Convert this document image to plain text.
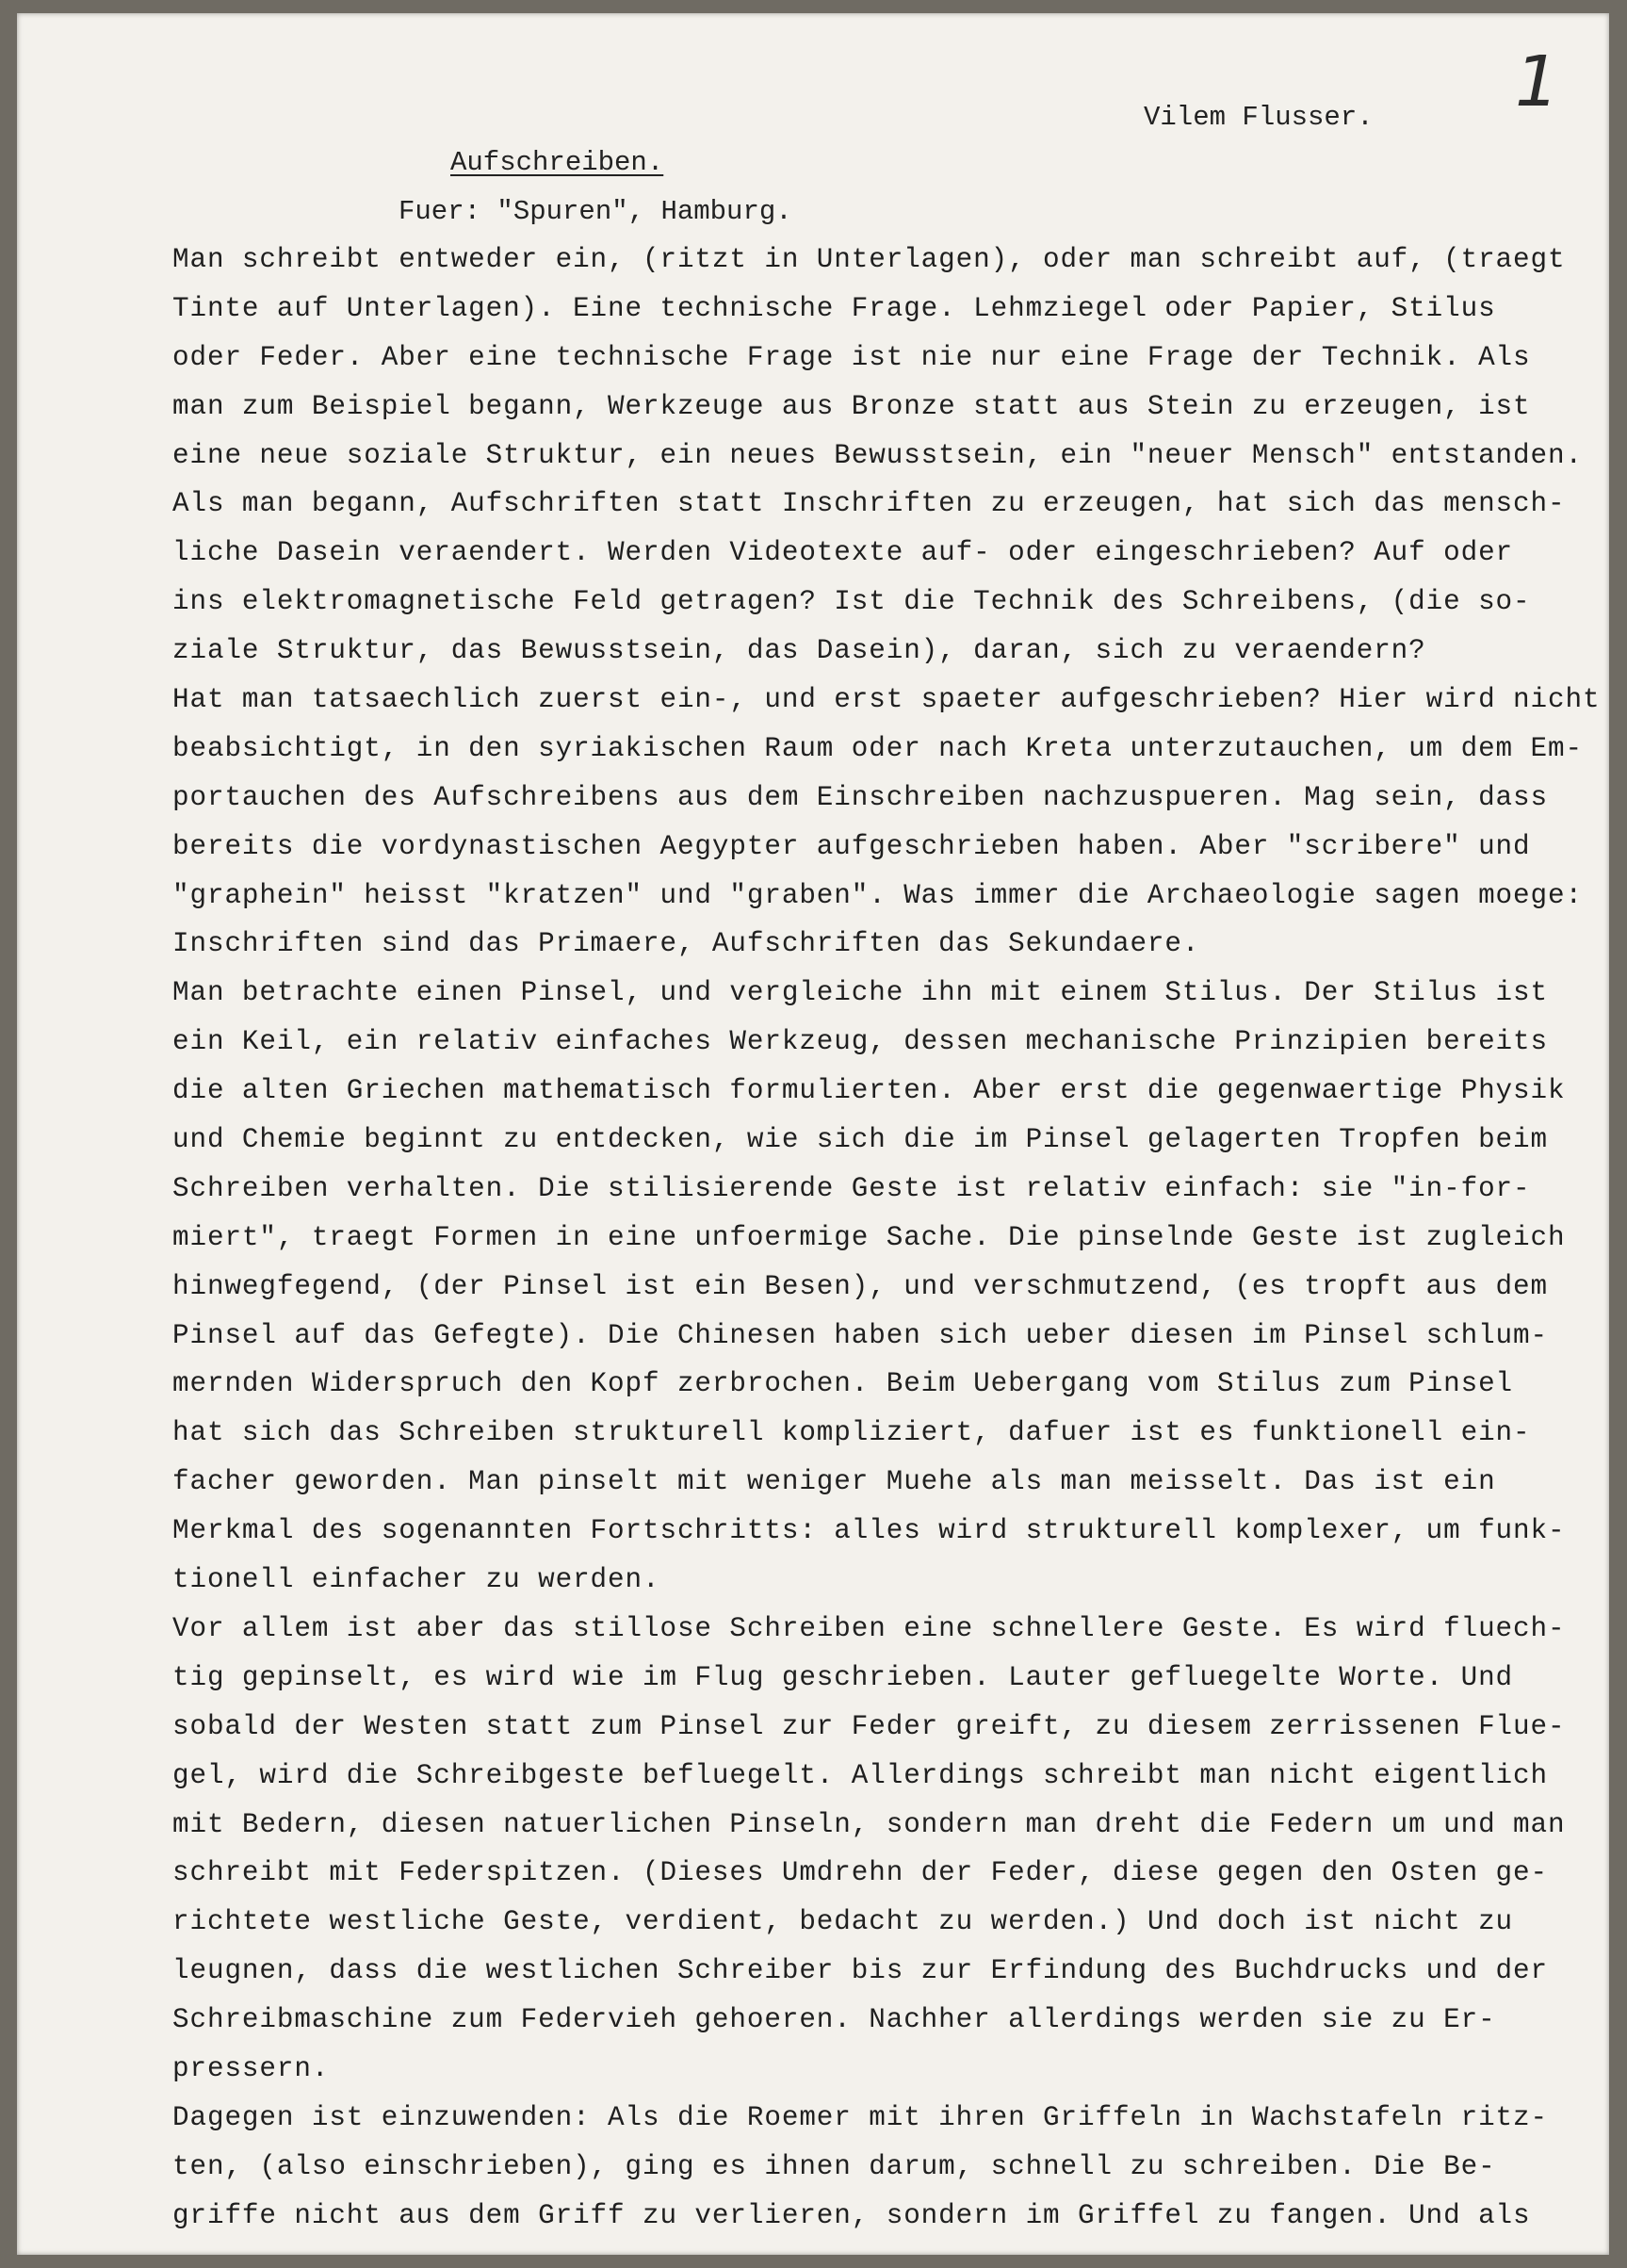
1
Vilem Flusser.
Aufschreiben.
Fuer: "Spuren", Hamburg.
Man schreibt entweder ein, (ritzt in Unterlagen), oder man schreibt auf, (traegt
Tinte auf Unterlagen). Eine technische Frage. Lehmziegel oder Papier, Stilus
oder Feder. Aber eine technische Frage ist nie nur eine Frage der Technik. Als
man zum Beispiel begann, Werkzeuge aus Bronze statt aus Stein zu erzeugen, ist
eine neue soziale Struktur, ein neues Bewusstsein, ein "neuer Mensch" entstanden.
Als man begann, Aufschriften statt Inschriften zu erzeugen, hat sich das mensch-
liche Dasein veraendert. Werden Videotexte auf- oder eingeschrieben? Auf oder
ins elektromagnetische Feld getragen? Ist die Technik des Schreibens, (die so-
ziale Struktur, das Bewusstsein, das Dasein), daran, sich zu veraendern?
Hat man tatsaechlich zuerst ein-, und erst spaeter aufgeschrieben? Hier wird nicht
beabsichtigt, in den syriakischen Raum oder nach Kreta unterzutauchen, um dem Em-
portauchen des Aufschreibens aus dem Einschreiben nachzuspueren. Mag sein, dass
bereits die vordynastischen Aegypter aufgeschrieben haben. Aber "scribere" und
"graphein" heisst "kratzen" und "graben". Was immer die Archaeologie sagen moege:
Inschriften sind das Primaere, Aufschriften das Sekundaere.
Man betrachte einen Pinsel, und vergleiche ihn mit einem Stilus. Der Stilus ist
ein Keil, ein relativ einfaches Werkzeug, dessen mechanische Prinzipien bereits
die alten Griechen mathematisch formulierten. Aber erst die gegenwaertige Physik
und Chemie beginnt zu entdecken, wie sich die im Pinsel gelagerten Tropfen beim
Schreiben verhalten. Die stilisierende Geste ist relativ einfach: sie "in-for-
miert", traegt Formen in eine unfoermige Sache. Die pinselnde Geste ist zugleich
hinwegfegend, (der Pinsel ist ein Besen), und verschmutzend, (es tropft aus dem
Pinsel auf das Gefegte). Die Chinesen haben sich ueber diesen im Pinsel schlum-
mernden Widerspruch den Kopf zerbrochen. Beim Uebergang vom Stilus zum Pinsel
hat sich das Schreiben strukturell kompliziert, dafuer ist es funktionell ein-
facher geworden. Man pinselt mit weniger Muehe als man meisselt. Das ist ein
Merkmal des sogenannten Fortschritts: alles wird strukturell komplexer, um funk-
tionell einfacher zu werden.
Vor allem ist aber das stillose Schreiben eine schnellere Geste. Es wird fluech-
tig gepinselt, es wird wie im Flug geschrieben. Lauter gefluegelte Worte. Und
sobald der Westen statt zum Pinsel zur Feder greift, zu diesem zerrissenen Flue-
gel, wird die Schreibgeste befluegelt. Allerdings schreibt man nicht eigentlich
mit Bedern, diesen natuerlichen Pinseln, sondern man dreht die Federn um und man
schreibt mit Federspitzen. (Dieses Umdrehn der Feder, diese gegen den Osten ge-
richtete westliche Geste, verdient, bedacht zu werden.) Und doch ist nicht zu
leugnen, dass die westlichen Schreiber bis zur Erfindung des Buchdrucks und der
Schreibmaschine zum Federvieh gehoeren. Nachher allerdings werden sie zu Er-
pressern.
Dagegen ist einzuwenden: Als die Roemer mit ihren Griffeln in Wachstafeln ritz-
ten, (also einschrieben), ging es ihnen darum, schnell zu schreiben. Die Be-
griffe nicht aus dem Griff zu verlieren, sondern im Griffel zu fangen. Und als
